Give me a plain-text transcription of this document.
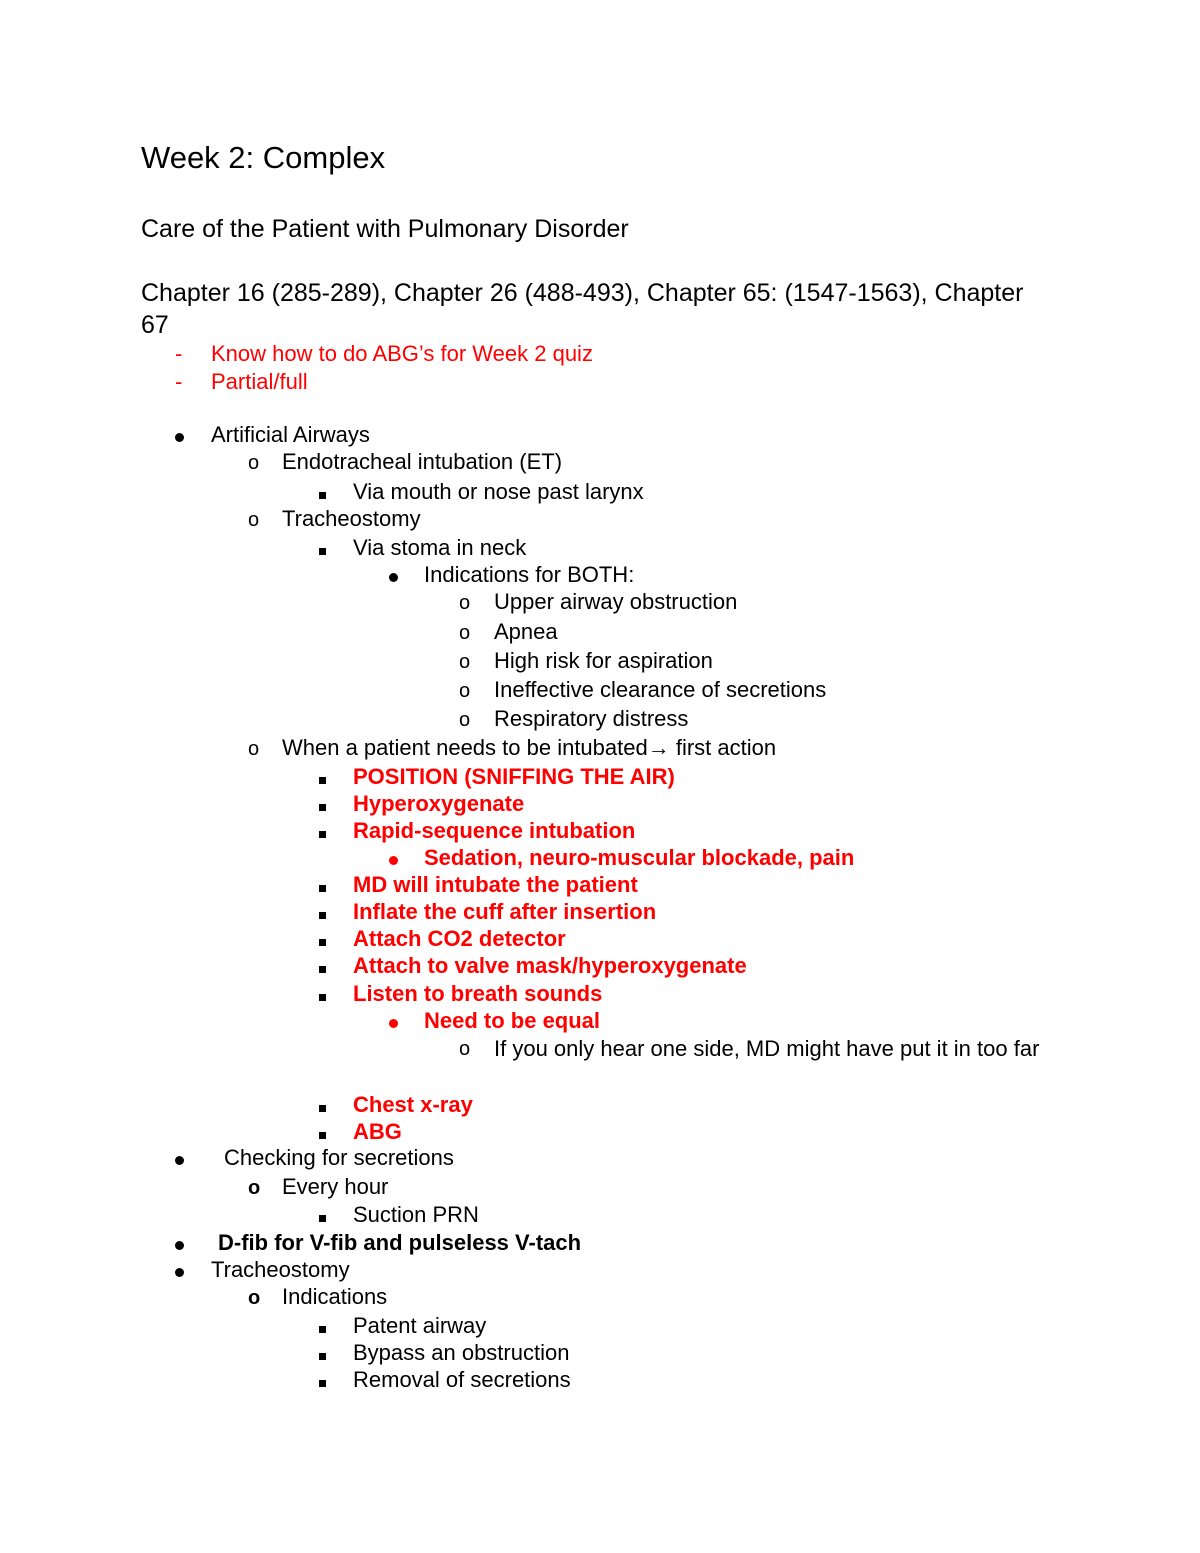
Week 2: Complex
Care of the Patient with Pulmonary Disorder
Chapter 16 (285-289), Chapter 26 (488-493), Chapter 65: (1547-1563), Chapter 67
- Know how to do ABG’s for Week 2 quiz
- Partial/full
Artificial Airways
o Endotracheal intubation (ET)
Via mouth or nose past larynx
o Tracheostomy
Via stoma in neck
Indications for BOTH:
o Upper airway obstruction
o Apnea
o High risk for aspiration
o Ineffective clearance of secretions
o Respiratory distress
o When a patient needs to be intubated→ first action
POSITION (SNIFFING THE AIR)
Hyperoxygenate
Rapid-sequence intubation
Sedation, neuro-muscular blockade, pain
MD will intubate the patient
Inflate the cuff after insertion
Attach CO2 detector
Attach to valve mask/hyperoxygenate
Listen to breath sounds
Need to be equal
o If you only hear one side, MD might have put it in too far
Chest x-ray
ABG
Checking for secretions
o Every hour
Suction PRN
D-fib for V-fib and pulseless V-tach
Tracheostomy
o Indications
Patent airway
Bypass an obstruction
Removal of secretions
